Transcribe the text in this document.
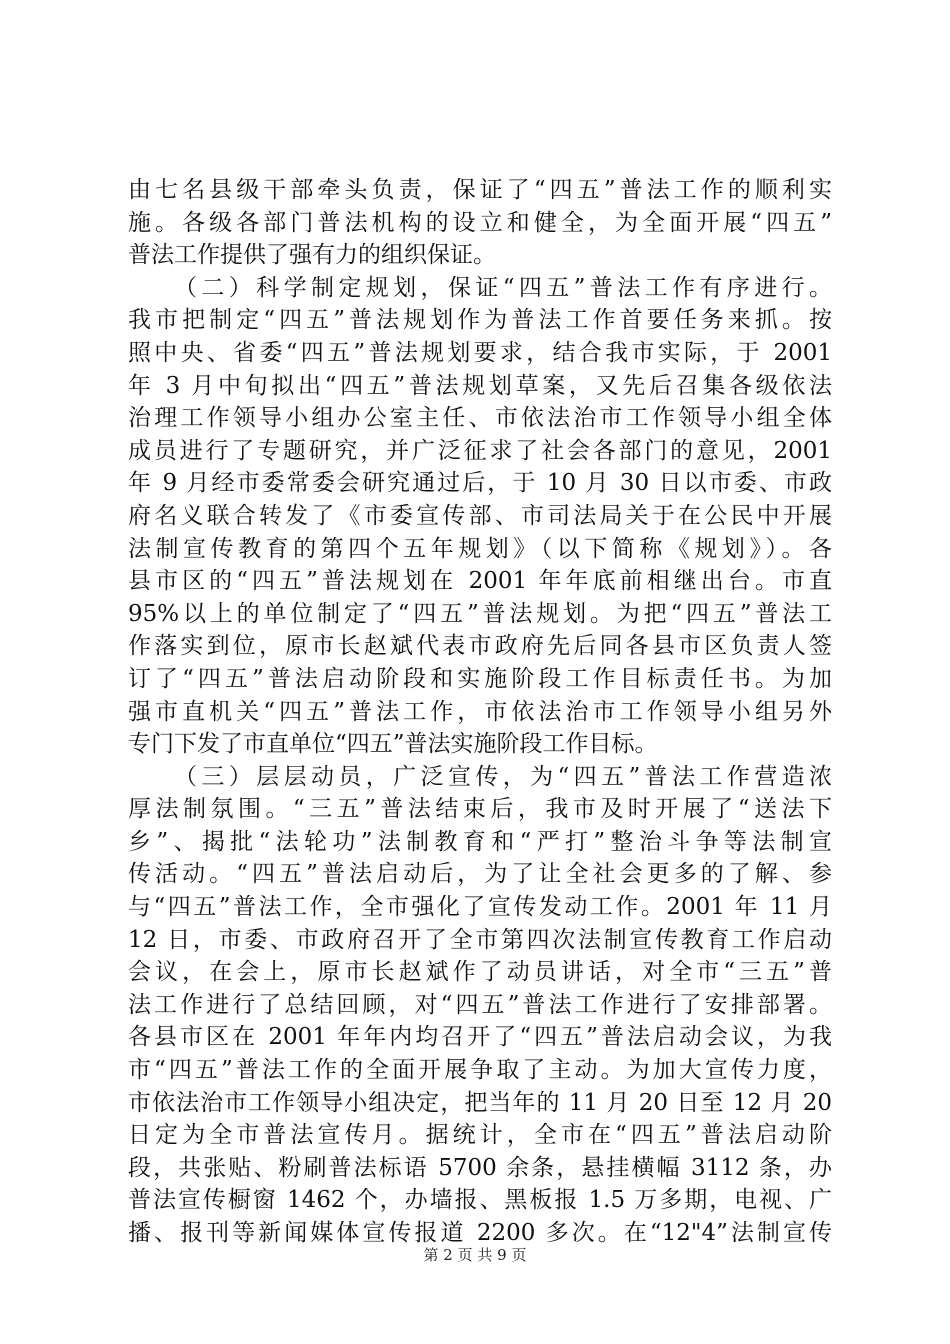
由七名县级干部牵头负责，保证了“四五”普法工作的顺利实
施。各级各部门普法机构的设立和健全，为全面开展“四五”
普法工作提供了强有力的组织保证。
（二）科学制定规划，保证“四五”普法工作有序进行。
我市把制定“四五”普法规划作为普法工作首要任务来抓。按
照中央、省委“四五”普法规划要求，结合我市实际，于 2001
年 3 月中旬拟出“四五”普法规划草案，又先后召集各级依法
治理工作领导小组办公室主任、市依法治市工作领导小组全体
成员进行了专题研究，并广泛征求了社会各部门的意见，2001
年 9 月经市委常委会研究通过后，于 10 月 30 日以市委、市政
府名义联合转发了《市委宣传部、市司法局关于在公民中开展
法制宣传教育的第四个五年规划》（以下简称《规划》）。各
县市区的“四五”普法规划在 2001 年年底前相继出台。市直
95%以上的单位制定了“四五”普法规划。为把“四五”普法工
作落实到位，原市长赵斌代表市政府先后同各县市区负责人签
订了“四五”普法启动阶段和实施阶段工作目标责任书。为加
强市直机关“四五”普法工作，市依法治市工作领导小组另外
专门下发了市直单位“四五”普法实施阶段工作目标。
（三）层层动员，广泛宣传，为“四五”普法工作营造浓
厚法制氛围。“三五”普法结束后，我市及时开展了“送法下
乡”、揭批“法轮功”法制教育和“严打”整治斗争等法制宣
传活动。“四五”普法启动后，为了让全社会更多的了解、参
与“四五”普法工作，全市强化了宣传发动工作。2001 年 11 月
12 日，市委、市政府召开了全市第四次法制宣传教育工作启动
会议，在会上，原市长赵斌作了动员讲话，对全市“三五”普
法工作进行了总结回顾，对“四五”普法工作进行了安排部署。
各县市区在 2001 年年内均召开了“四五”普法启动会议，为我
市“四五”普法工作的全面开展争取了主动。为加大宣传力度，
市依法治市工作领导小组决定，把当年的 11 月 20 日至 12 月 20
日定为全市普法宣传月。据统计，全市在“四五”普法启动阶
段，共张贴、粉刷普法标语 5700 余条，悬挂横幅 3112 条，办
普法宣传橱窗 1462 个，办墙报、黑板报 1.5 万多期，电视、广
播、报刊等新闻媒体宣传报道 2200 多次。在“12"4”法制宣传
第 2 页 共 9 页
